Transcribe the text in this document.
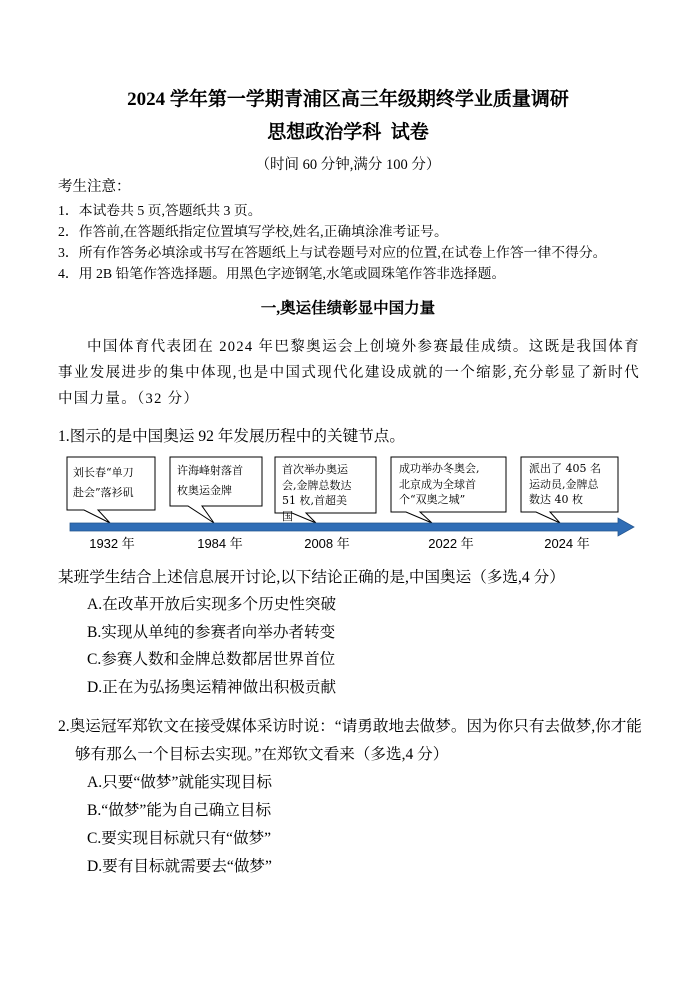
2024 学年第一学期青浦区高三年级期终学业质量调研
思想政治学科  试卷
（时间 60 分钟,满分 100 分）
考生注意：
1．本试卷共 5 页,答题纸共 3 页。
2．作答前,在答题纸指定位置填写学校,姓名,正确填涂准考证号。
3．所有作答务必填涂或书写在答题纸上与试卷题号对应的位置,在试卷上作答一律不得分。
4．用 2B 铅笔作答选择题。用黑色字迹钢笔,水笔或圆珠笔作答非选择题。
一,奥运佳绩彰显中国力量
中国体育代表团在 2024 年巴黎奥运会上创境外参赛最佳成绩。这既是我国体育事业发展进步的集中体现,也是中国式现代化建设成就的一个缩影,充分彰显了新时代中国力量。（32 分）
1.图示的是中国奥运 92 年发展历程中的关键节点。
刘长春“单刀赴会”落衫矶
许海峰射落首枚奥运金牌
首次举办奥运会,金牌总数达 51 枚,首超美国
成功举办冬奥会,北京成为全球首个“双奥之城”
派出了 405 名运动员,金牌总数达 40 枚
1932 年	1984 年	2008 年	2022 年	2024 年
某班学生结合上述信息展开讨论,以下结论正确的是,中国奥运（多选,4 分）
A.在改革开放后实现多个历史性突破
B.实现从单纯的参赛者向举办者转变
C.参赛人数和金牌总数都居世界首位
D.正在为弘扬奥运精神做出积极贡献
2.奥运冠军郑钦文在接受媒体采访时说：“请勇敢地去做梦。因为你只有去做梦,你才能够有那么一个目标去实现。”在郑钦文看来（多选,4 分）
A.只要“做梦”就能实现目标
B.“做梦”能为自己确立目标
C.要实现目标就只有“做梦”
D.要有目标就需要去“做梦”
